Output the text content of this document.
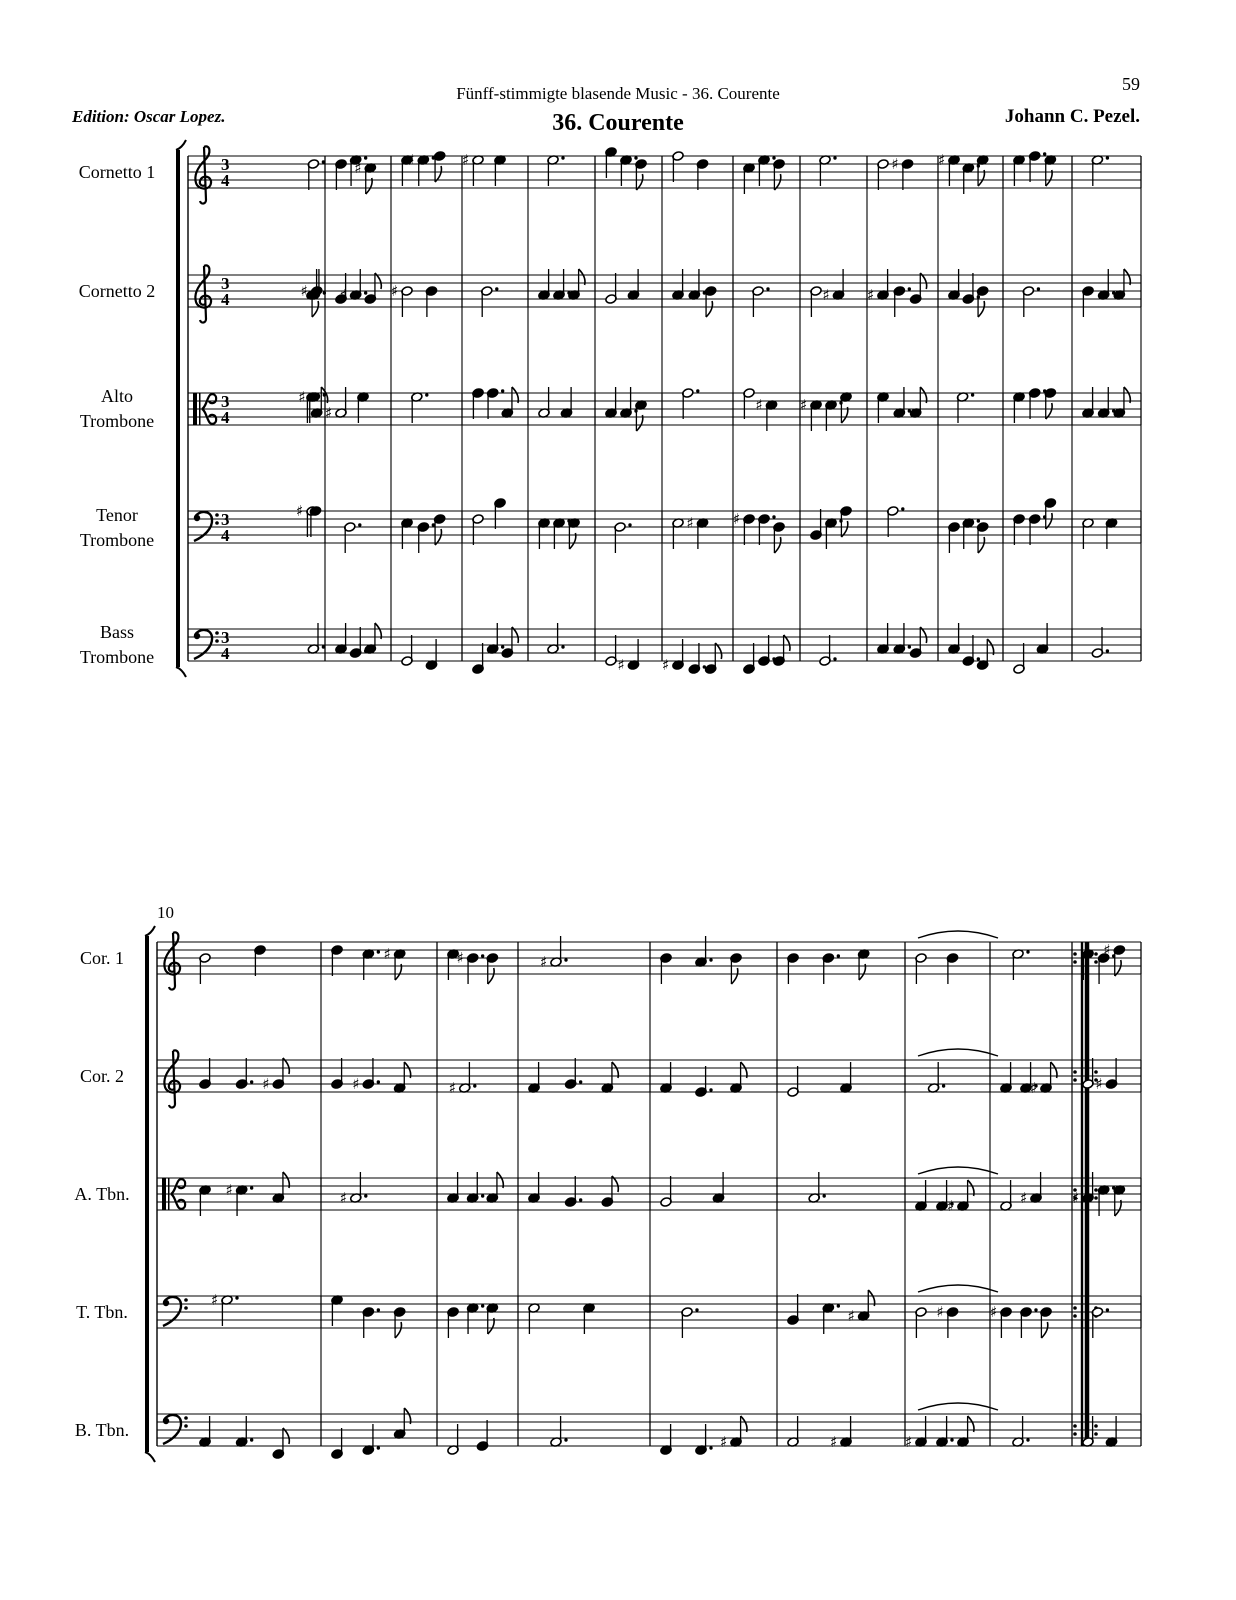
Fünff-stimmigte blasende Music - 36. Courente	59
Edition: Oscar Lopez.	Johann C. Pezel.
36. Courente
10
Cornetto 1
Cornetto 2
Alto
Trombone
Tenor
Trombone
Bass
Trombone
Cor. 1
Cor. 2
A. Tbn.
T. Tbn.
B. Tbn.
3
4
3
4
3
4
3
4
3
4
♯	♯	♯	♯	♯
♯ ♯	♯	♯ ♯
♯
♯	♯ ♯
♯
♯	♯
♯ ♯
♯	♯	♯
♯
♯	♯	♯	♯	♯
♯	♯	♯	♯	♯
♯
♯	♯	♯
♯	♯	♯
